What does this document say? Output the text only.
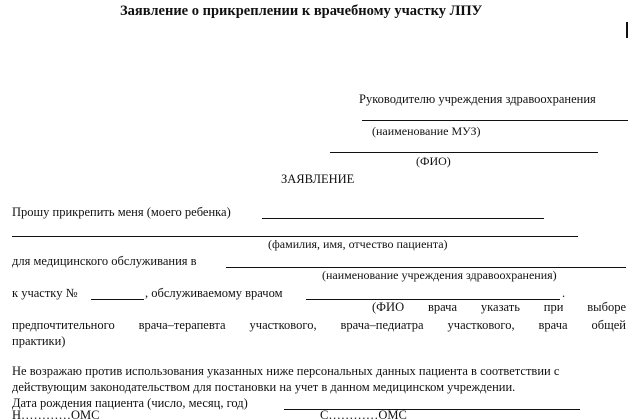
Заявление о прикреплении к врачебному участку ЛПУ
Руководителю учреждения здравоохранения
(наименование МУЗ)
(ФИО)
ЗАЯВЛЕНИЕ
Прошу прикрепить меня (моего ребенка)
(фамилия, имя, отчество пациента)
для медицинского обслуживания в
(наименование учреждения здравоохранения)
к участку №	, обслуживаемому врачом	.
(ФИО врача указать при выборе
предпочтительного врача–терапевта участкового, врача–педиатра участкового, врача общей
практики)
Не возражаю против использования указанных ниже персональных данных пациента в соответствии с
действующим законодательством для постановки на учет в данном медицинском учреждении.
Дата рождения пациента (число, месяц, год)
Н…………ОМС	С…………ОМС
